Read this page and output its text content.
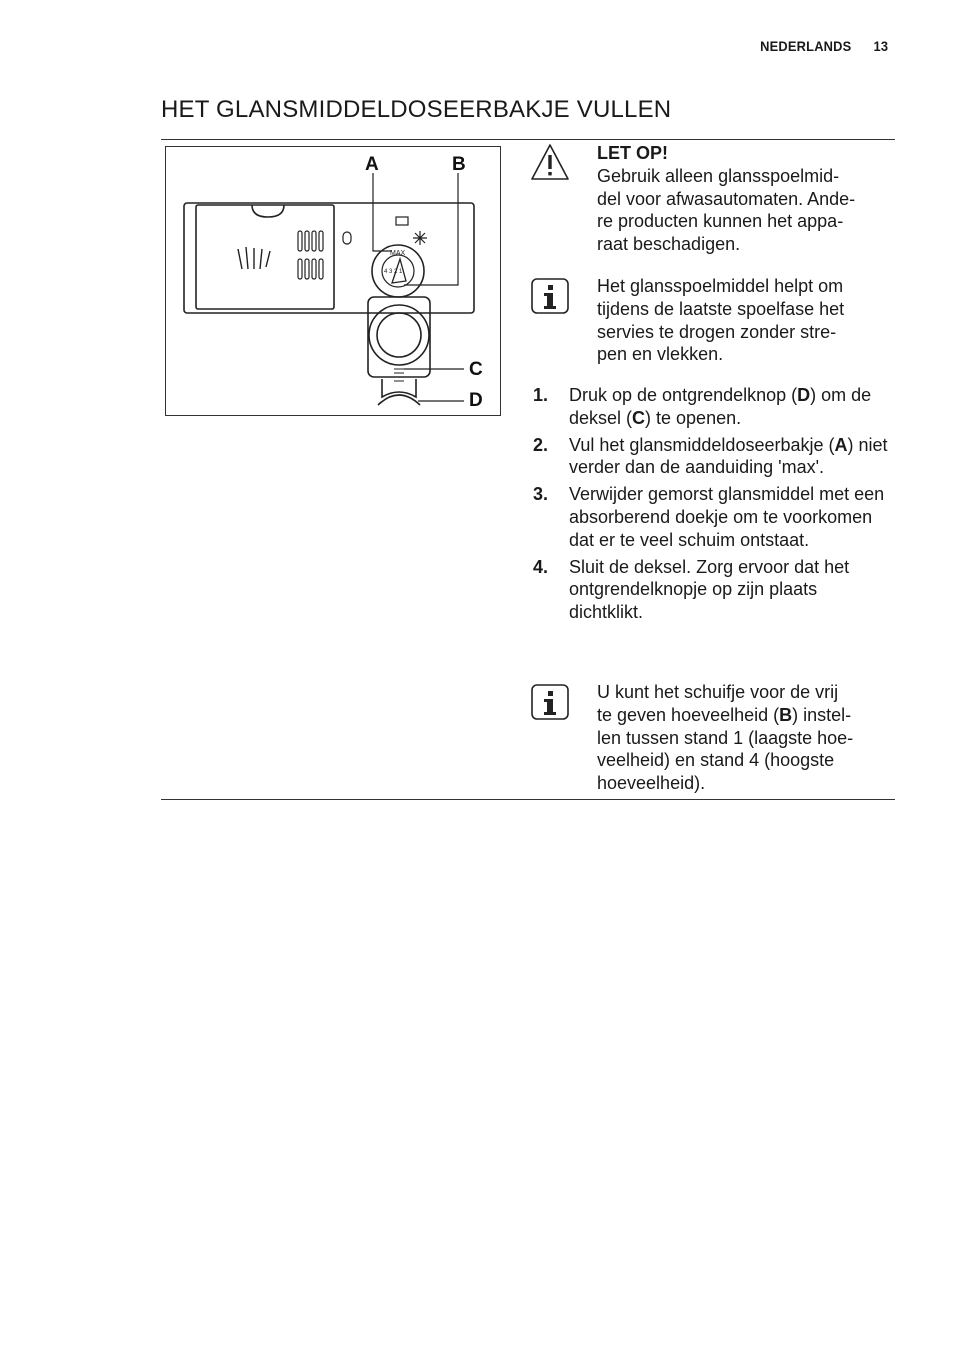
NEDERLANDS 13
HET GLANSMIDDELDOSEERBAKJE VULLEN
MAX
4 3 2 1
A	B
C
D
LET OP!
Gebruik alleen glansspoelmid-
del voor afwasautomaten. Ande-
re producten kunnen het appa-
raat beschadigen.
Het glansspoelmiddel helpt om
tijdens de laatste spoelfase het
servies te drogen zonder stre-
pen en vlekken.
1. Druk op de ontgrendelknop (D) om de deksel (C) te openen.
2. Vul het glansmiddeldoseerbakje (A) niet verder dan de aanduiding 'max'.
3. Verwijder gemorst glansmiddel met een absorberend doekje om te voorkomen dat er te veel schuim ontstaat.
4. Sluit de deksel. Zorg ervoor dat het ontgrendelknopje op zijn plaats dichtklikt.
U kunt het schuifje voor de vrij
te geven hoeveelheid (B) instel-
len tussen stand 1 (laagste hoe-
veelheid) en stand 4 (hoogste
hoeveelheid).
